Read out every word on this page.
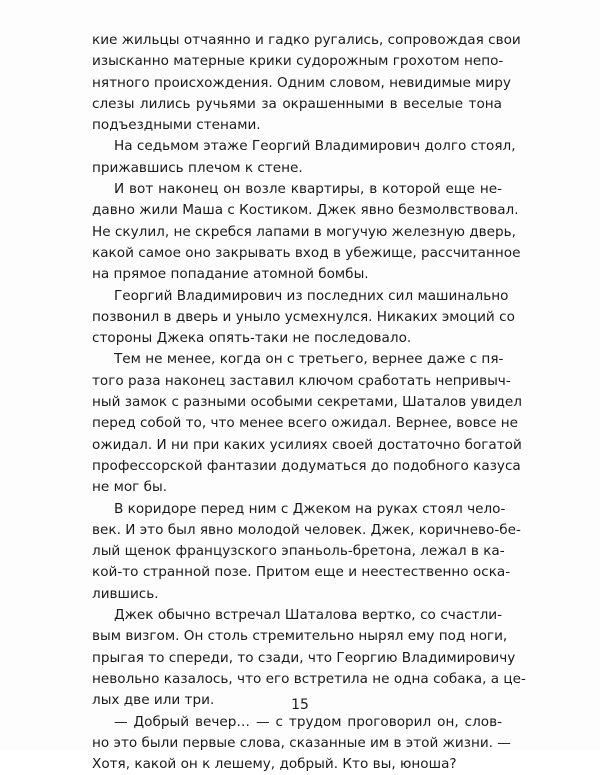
кие жильцы отчаянно и гадко ругались, сопровождая свои
изысканно матерные крики судорожным грохотом непо-
нятного происхождения. Одним словом, невидимые миру
слезы лились ручьями за окрашенными в веселые тона
подъездными стенами.
На седьмом этаже Георгий Владимирович долго стоял,
прижавшись плечом к стене.
И вот наконец он возле квартиры, в которой еще не-
давно жили Маша с Костиком. Джек явно безмолвствовал.
Не скулил, не скребся лапами в могучую железную дверь,
какой самое оно закрывать вход в убежище, рассчитанное
на прямое попадание атомной бомбы.
Георгий Владимирович из последних сил машинально
позвонил в дверь и уныло усмехнулся. Никаких эмоций со
стороны Джека опять-таки не последовало.
Тем не менее, когда он с третьего, вернее даже с пя-
того раза наконец заставил ключом сработать непривыч-
ный замок с разными особыми секретами, Шаталов увидел
перед собой то, что менее всего ожидал. Вернее, вовсе не
ожидал. И ни при каких усилиях своей достаточно богатой
профессорской фантазии додуматься до подобного казуса
не мог бы.
В коридоре перед ним с Джеком на руках стоял чело-
век. И это был явно молодой человек. Джек, коричнево-бе-
лый щенок французского эпаньоль-бретона, лежал в ка-
кой-то странной позе. Притом еще и неестественно оска-
лившись.
Джек обычно встречал Шаталова вертко, со счастли-
вым визгом. Он столь стремительно нырял ему под ноги,
прыгая то спереди, то сзади, что Георгию Владимировичу
невольно казалось, что его встретила не одна собака, а це-
лых две или три.
— Добрый вечер… — с трудом проговорил он, слов-
но это были первые слова, сказанные им в этой жизни. —
Хотя, какой он к лешему, добрый. Кто вы, юноша?
15
